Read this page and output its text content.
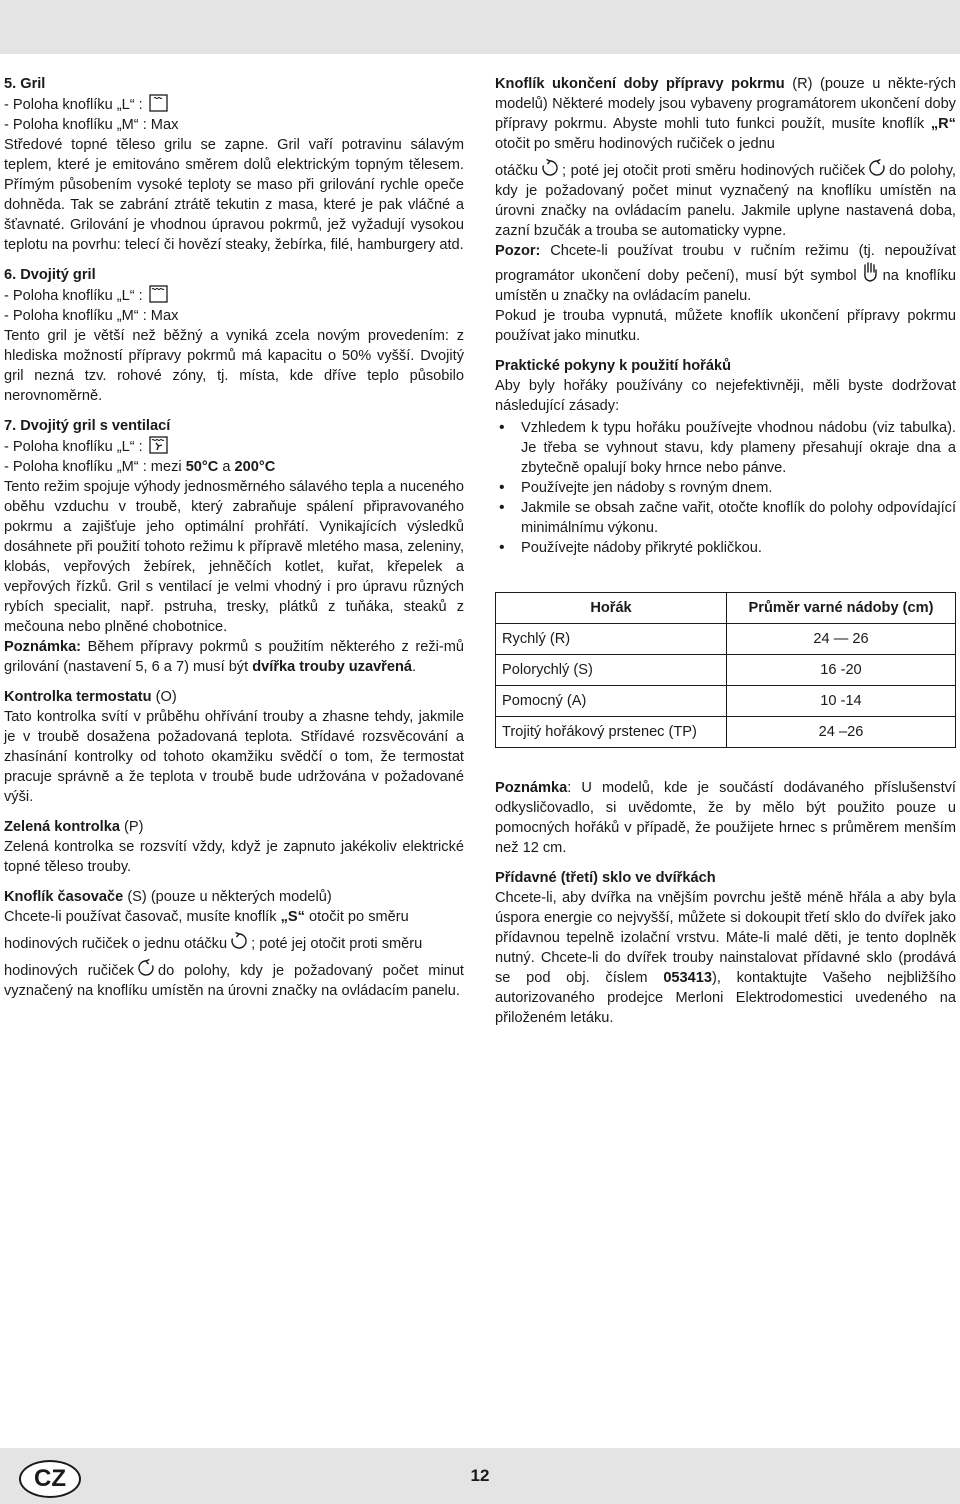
5. Gril

- Poloha knoflíku „L“ :

- Poloha knoflíku „M“ : Max

Středové topné těleso grilu se zapne. Gril vaří potravinu sálavým teplem, které je emitováno směrem dolů elektrickým topným tělesem. Přímým působením vysoké teploty se maso při grilování rychle opeče dohněda. Tak se zabrání ztrátě tekutin z masa, které je pak vláčné a šťavnaté. Grilování je vhodnou úpravou pokrmů, jež vyžadují vysokou teplotu na povrhu: telecí či hovězí steaky, žebírka, filé, hamburgery atd.

6. Dvojitý gril

- Poloha knoflíku „L“ :

- Poloha knoflíku „M“ : Max

Tento gril je větší než běžný a vyniká zcela novým provedením: z hlediska možností přípravy pokrmů má kapacitu o 50% vyšší. Dvojitý gril nezná tzv. rohové zóny, tj. místa, kde dříve teplo působilo nerovnoměrně.

7. Dvojitý gril s ventilací

- Poloha knoflíku „L“ :

- Poloha knoflíku „M“ : mezi 50°C a 200°C

Tento režim spojuje výhody jednosměrného sálavého tepla a nuceného oběhu vzduchu v troubě, který zabraňuje spálení připravovaného pokrmu a zajišťuje jeho optimální prohřátí. Vynikajících výsledků dosáhnete při použití tohoto režimu k přípravě mletého masa, zeleniny, klobás, vepřových žebírek, jehněčích kotlet, kuřat, křepelek a vepřových řízků. Gril s ventilací je velmi vhodný i pro úpravu různých rybích specialit, např. pstruha, tresky, plátků z tuňáka, steaků z mečouna nebo plněné chobotnice.

Poznámka: Během přípravy pokrmů s použitím některého z reži-mů grilování (nastavení 5, 6 a 7) musí být dvířka trouby uzavřená.

Kontrolka termostatu (O)

Tato kontrolka svítí v průběhu ohřívání trouby a zhasne tehdy, jakmile je v troubě dosažena požadovaná teplota. Střídavé rozsvěcování a zhasínání kontrolky od tohoto okamžiku svědčí o tom, že termostat pracuje správně a že teplota v troubě bude udržována v požadované výši.

Zelená kontrolka (P)

Zelená kontrolka se rozsvítí vždy, když je zapnuto jakékoliv elektrické topné těleso trouby.

Knoflík časovače (S) (pouze u některých modelů)

Chcete-li používat časovač, musíte knoflík „S“ otočit po směru

hodinových ručiček o jednu otáčku ; poté jej otočit proti směru

hodinových ručiček do polohy, kdy je požadovaný počet minut vyznačený na knoflíku umístěn na úrovni značky na ovládacím panelu.

Knoflík ukončení doby přípravy pokrmu (R) (pouze u někte-rých modelů) Některé modely jsou vybaveny programátorem ukončení doby přípravy pokrmu. Abyste mohli tuto funkci použít, musíte knoflík „R“ otočit po směru hodinových ručiček o jednu

otáčku ; poté jej otočit proti směru hodinových ručiček do polohy, kdy je požadovaný počet minut vyznačený na knoflíku umístěn na úrovni značky na ovládacím panelu. Jakmile uplyne nastavená doba, zazní bzučák a trouba se automaticky vypne.

Pozor: Chcete-li používat troubu v ručním režimu (tj. nepoužívat programátor ukončení doby pečení), musí být symbol na knoflíku umístěn u značky na ovládacím panelu.

Pokud je trouba vypnutá, můžete knoflík ukončení přípravy pokrmu používat jako minutku.

Praktické pokyny k použití hořáků

Aby byly hořáky používány co nejefektivněji, měli byste dodržovat následující zásady:

• Vzhledem k typu hořáku používejte vhodnou nádobu (viz tabulka). Je třeba se vyhnout stavu, kdy plameny přesahují okraje dna a zbytečně opalují boky hrnce nebo pánve.
• Používejte jen nádoby s rovným dnem.
• Jakmile se obsah začne vařit, otočte knoflík do polohy odpovídající minimálnímu výkonu.
• Používejte nádoby přikryté pokličkou.
Hořák	Průměr varné nádoby (cm)
Rychlý (R)	24 — 26
Polorychlý (S)	16 -20
Pomocný (A)	10 -14
Trojitý hořákový prstenec (TP)	24 –26

Poznámka: U modelů, kde je součástí dodávaného příslušenství odkysličovadlo, si uvědomte, že by mělo být použito pouze u pomocných hořáků v případě, že použijete hrnec s průměrem menším než 12 cm.

Přídavné (třetí) sklo ve dvířkách

Chcete-li, aby dvířka na vnějším povrchu ještě méně hřála a aby byla úspora energie co nejvyšší, můžete si dokoupit třetí sklo do dvířek jako přídavnou tepelně izolační vrstvu. Máte-li malé děti, je tento doplněk nutný. Chcete-li do dvířek trouby nainstalovat přídavné sklo (prodává se pod obj. číslem 053413), kontaktujte Vašeho nejbližšího autorizovaného prodejce Merloni Elektrodomestici uvedeného na přiloženém letáku.

CZ	12
